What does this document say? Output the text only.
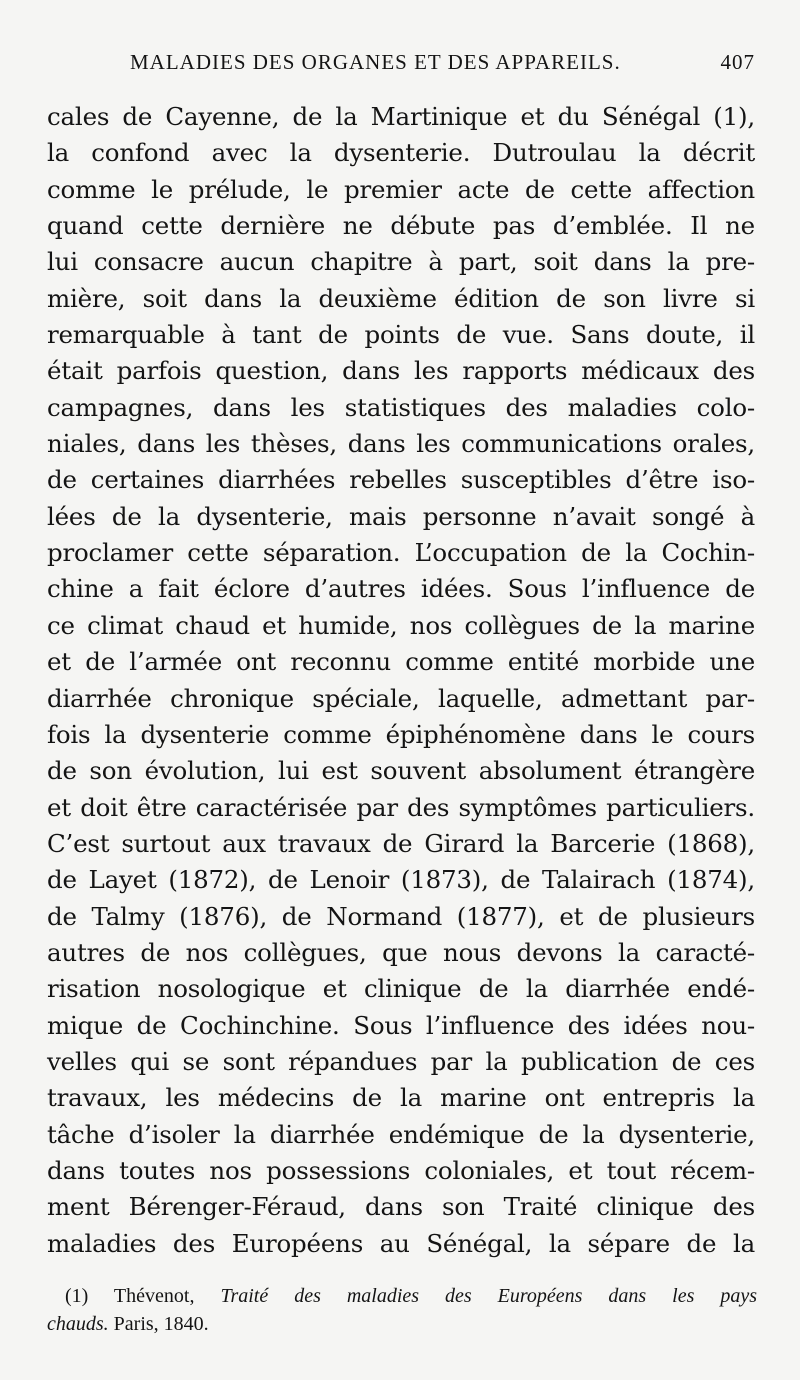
MALADIES DES ORGANES ET DES APPAREILS.	407
cales de Cayenne, de la Martinique et du Sénégal (1),
la confond avec la dysenterie. Dutroulau la décrit
comme le prélude, le premier acte de cette affection
quand cette dernière ne débute pas d’emblée. Il ne
lui consacre aucun chapitre à part, soit dans la pre-
mière, soit dans la deuxième édition de son livre si
remarquable à tant de points de vue. Sans doute, il
était parfois question, dans les rapports médicaux des
campagnes, dans les statistiques des maladies colo-
niales, dans les thèses, dans les communications orales,
de certaines diarrhées rebelles susceptibles d’être iso-
lées de la dysenterie, mais personne n’avait songé à
proclamer cette séparation. L’occupation de la Cochin-
chine a fait éclore d’autres idées. Sous l’influence de
ce climat chaud et humide, nos collègues de la marine
et de l’armée ont reconnu comme entité morbide une
diarrhée chronique spéciale, laquelle, admettant par-
fois la dysenterie comme épiphénomène dans le cours
de son évolution, lui est souvent absolument étrangère
et doit être caractérisée par des symptômes particuliers.
C’est surtout aux travaux de Girard la Barcerie (1868),
de Layet (1872), de Lenoir (1873), de Talairach (1874),
de Talmy (1876), de Normand (1877), et de plusieurs
autres de nos collègues, que nous devons la caracté-
risation nosologique et clinique de la diarrhée endé-
mique de Cochinchine. Sous l’influence des idées nou-
velles qui se sont répandues par la publication de ces
travaux, les médecins de la marine ont entrepris la
tâche d’isoler la diarrhée endémique de la dysenterie,
dans toutes nos possessions coloniales, et tout récem-
ment Bérenger-Féraud, dans son Traité clinique des
maladies des Européens au Sénégal, la sépare de la
(1) Thévenot, Traité des maladies des Européens dans les pays
chauds. Paris, 1840.
